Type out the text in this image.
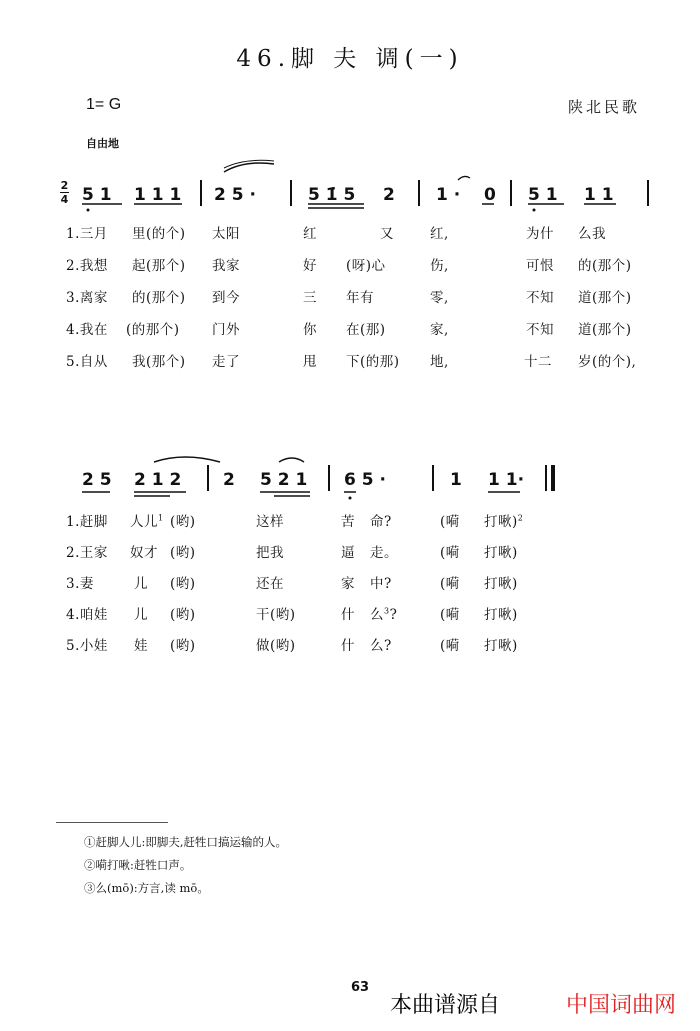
46.脚 夫 调(一)
1= G	陕北民歌
自由地
2
4 5 1 1 1 1 2 5 ·	5 1̇ 5 2 1 · 0 5 1 1 1
1.三月 里(的个) 太阳	红	又	红,	为什 么我
2.我想 起(那个) 我家	好 (呀)心	伤,	可恨 的(那个)
3.离家 的(那个) 到今	三 年有	零,	不知 道(那个)
4.我在 (的那个) 门外	你 在(那)	家,	不知 道(那个)
5.自从 我(那个) 走了	甩 下(的那) 地,	十二 岁(的个),
2 5 2 1 2 2 5 2 1 6 5 ·	1 1 1·
1.赶脚 人儿$^1$ (哟)	这样	苦 命?	(嗬 打啾)$^2$
2.王家 奴才 (哟)	把我	逼 走。	(嗬 打啾)
3.妻	儿 (哟)	还在	家 中?	(嗬 打啾)
4.咱娃 儿 (哟)	干(哟)	什 么$^3$?	(嗬 打啾)
5.小娃 娃 (哟)	做(哟)	什 么?	(嗬 打啾)
①赶脚人儿:即脚夫,赶牲口搞运输的人。
②嗬打啾:赶牲口声。
③么(mō):方言,读 mō。
63
本曲谱源自	中国词曲网
